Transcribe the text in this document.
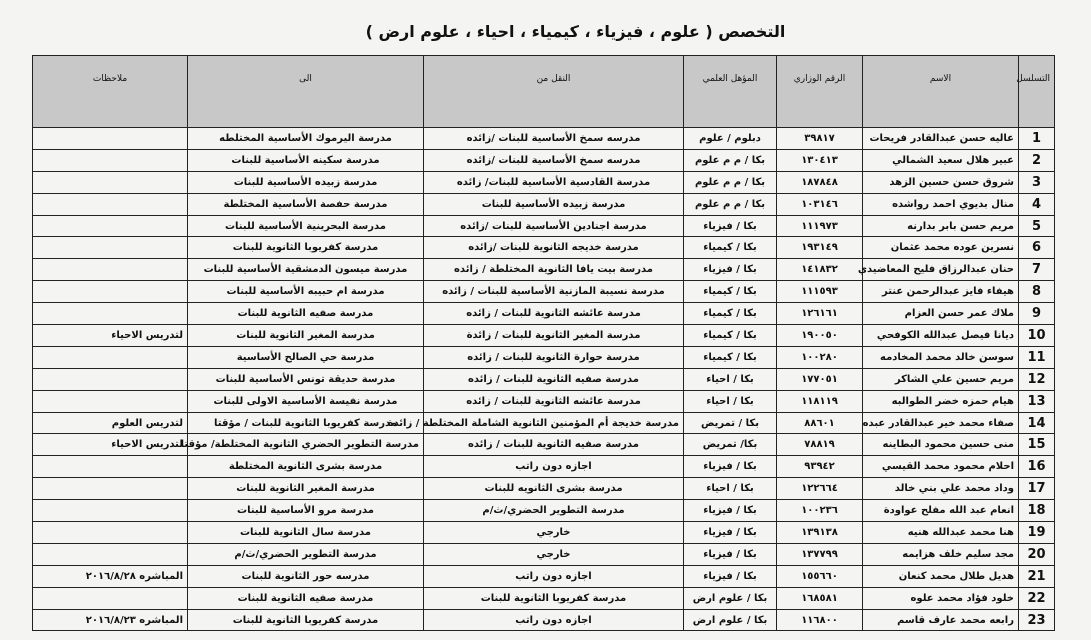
التخصص ( علوم ، فيزياء ، كيمياء ، احياء ، علوم ارض )
التسلسل	الاسم	الرقم الوزاري	المؤهل العلمي	النقل من	الى	ملاحظات
1	عاليه حسن عبدالقادر فريحات	٣٩٨١٧	دبلوم / علوم	مدرسه سمخ الأساسية للبنات /زائده	مدرسة اليرموك الأساسية المختلطه	
2	عبير هلال سعيد الشمالي	١٣٠٤١٣	بكا / م م علوم	مدرسه سمخ الأساسية للبنات /زائده	مدرسة سكينه الأساسية للبنات	
3	شروق حسن حسين الزهد	١٨٧٨٤٨	بكا / م م علوم	مدرسة القادسية الأساسية للبنات/ زائده	مدرسة زبيده الأساسية للبنات	
4	منال بديوي احمد رواشده	١٠٣١٤٦	بكا / م م علوم	مدرسة زبيده الأساسية للبنات	مدرسة حفصة الأساسية المختلطة	
5	مريم حسن بابر بدارنه	١١١٩٧٣	بكا / فيزياء	مدرسة اجنادين الأساسية للبنات /زائده	مدرسة البحرينية الأساسية للبنات	
6	نسرين عوده محمد عثمان	١٩٣١٤٩	بكا / كيمياء	مدرسة خديجه الثانوية للبنات /زائده	مدرسة كفريوبا الثانوية للبنات	
7	حنان عبدالرزاق فليح المعاضيدي	١٤١٨٣٢	بكا / فيزياء	مدرسة بيت يافا الثانوية المختلطة / زائده	مدرسة ميسون الدمشقية الأساسية للبنات	
8	هيفاء فايز عبدالرحمن عنتر	١١١٥٩٣	بكا / كيمياء	مدرسة نسيبة المازنية الأساسية للبنات / زائده	مدرسة ام حبيبه الأساسية للبنات	
9	ملاك عمر حسن العزام	١٢٦١٦١	بكا / كيمياء	مدرسة عائشه الثانوية للبنات / زائده	مدرسة صفيه الثانوية للبنات	
10	ديانا فيصل عبدالله الكوفحي	١٩٠٠٥٠	بكا / كيمياء	مدرسة المغير الثانوية للبنات / زائدة	مدرسة المغير الثانوية للبنات	لتدريس الاحياء
11	سوسن خالد محمد المخادمه	١٠٠٢٨٠	بكا / كيمياء	مدرسة حوارة الثانوية للبنات / زائده	مدرسة حي الصالح الأساسية	
12	مريم حسين علي الشاكر	١٧٧٠٥١	بكا / احياء	مدرسة صفيه الثانوية للبنات / زائده	مدرسة حديقة تونس الأساسية للبنات	
13	هيام حمزه خضر الطوالبه	١١٨١١٩	بكا / احياء	مدرسة عائشه الثانوية للبنات / زائده	مدرسة نفيسة الأساسية الاولى للبنات	
14	صفاء محمد خير عبدالقادر عبده	٨٨٦٠١	بكا / تمريض	مدرسة خديجة أم المؤمنين الثانوية الشاملة المختلطة / زائدة	مدرسة كفريوبا الثانوية للبنات / مؤقتا	لتدريس العلوم
15	منى حسين محمود البطاينه	٧٨٨١٩	بكا/ تمريض	مدرسة صفيه الثانوية للبنات / زائده	مدرسة التطوير الحضري الثانوية المختلطة/ مؤقتا	لتدريس الاحياء
16	احلام محمود محمد القيسي	٩٣٩٤٢	بكا / فيزياء	اجازه دون راتب	مدرسة بشرى الثانوية المختلطة	
17	وداد محمد علي بني خالد	١٢٢٦٦٤	بكا / احياء	مدرسة بشرى الثانويه للبنات	مدرسة المغير الثانوية للبنات	
18	انعام عبد الله مفلح عواودة	١٠٠٢٣٦	بكا / فيزياء	مدرسة التطوير الحضري/ث/م	مدرسة مرو الأساسية للبنات	
19	هنا محمد عبدالله هنيه	١٣٩١٣٨	بكا / فيزياء	خارجي	مدرسة سال الثانوية للبنات	
20	مجد سليم خلف هزايمه	١٣٧٧٩٩	بكا / فيزياء	خارجي	مدرسة التطوير الحضري/ث/م	
21	هديل طلال محمد كنعان	١٥٥٦٦٠	بكا / فيزياء	اجازه دون راتب	مدرسه حور الثانوية للبنات	المباشره ٢٠١٦/٨/٢٨
22	خلود فؤاد محمد علوه	١٦٨٥٨١	بكا / علوم ارض	مدرسة كفريوبا الثانوية للبنات	مدرسة صفيه الثانوية للبنات	
23	رابعه محمد عارف قاسم	١١٦٨٠٠	بكا / علوم ارض	اجازه دون راتب	مدرسة كفريوبا الثانوية للبنات	المباشره ٢٠١٦/٨/٢٣
